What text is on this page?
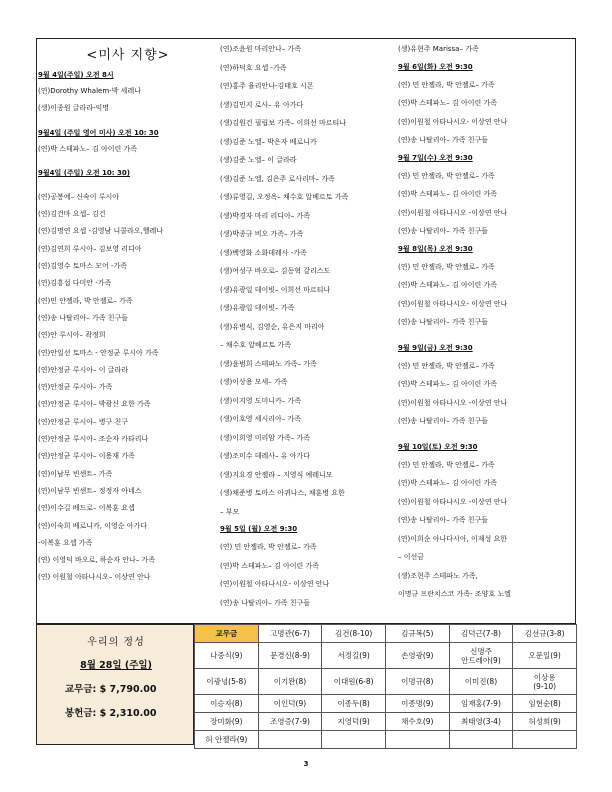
<미사 지향>
9월 4일(주일) 오전 8시
(연)Dorothy Whalem-박 세레나
(생)이종원 글라라-익명
9월4일 (주일 영어 미사) 오전 10: 30
(연)박 스테파노– 김 아이린 가족
9월4일 (주일) 오전 10: 30)
(연)공봉예– 신숙이 루시아
(연)김건마 요셉– 김건
(연)김명연 요셉 -김영남 니콜라오,헬레나
(연)김연희 루시아– 김보영 리디아
(연)김영수 토마스 모어 -가족
(연)김흥섭 다미안 -가족
(연)민 안젤라, 박 안젤로– 가족
(연)송 나탈리아– 가족 친구들
(연)안 루시아– 곽정희
(연)안일선 토마스 - 안정균 루시아 가족
(연)안정균 루시아– 이 글라라
(연)안정균 루시아– 가족
(연)안정균 루시아– 박광신 요한 가족
(연)안정균 루시아– 병구 친구
(연)안정균 루시아– 조순자 카타리나
(연)안정균 루시아– 이용재 가족
(연)이남무 빈센트– 가족
(연)이남무 빈센트– 정정자 아네스
(연)이수길 베드로– 이복훈 요셉
(연)이숙희 베로니카, 이영순 아가다
-이복훈 요셉 가족
(연) 이영덕 바오로, 하순자 안나– 가족
(연) 이원철 아타나시오– 이상연 안나
(연)조윤원 마리안나– 가족
(연)하덕호 요셉 -가족
(연)홍주 율리안나-김태호 시몬
(생)김민지 로사– 유 아가다
(생)김원건 필립보 가족– 이희선 마르티나
(생)김준 노엘– 박은자 베로니카
(생)김준 노엘– 이 글라라
(생)김준 노엘, 김은주 로사리마– 가족
(생)류영길, 오정옥– 채수호 알베르토 가족
(생)박경자 마리 리디아– 가족
(생)박종규 비오 가족– 가족
(생)백영화 소화데레사 -가족
(생)여성구 바오로– 김동혁 갈리스도
(생)유광일 데이빗– 이희선 마르티나
(생)유광일 데이빗– 가족
(생)유병식, 김영순, 유은지 마리아
– 채수호 알베르토 가족
(생)윤범희 스테파노 가족– 가족
(생)이상용 모세– 가족
(생)이지영 도미니카– 가족
(생)이호영 세시리아– 가족
(생)이희영 미리암 가족– 가족
(생)조미수 데레사– 유 아가다
(생)지요경 안젤라 – 지영식 예레니모
(생)채준병 토마스 아퀴나스, 채훈병 요한
– 부모
9월 5일 (월) 오전 9:30
(연) 민 안젤라, 박 안젤로– 가족
(연)박 스테파노– 김 아이린 가족
(연)이원철 아타나시오- 이상연 안나
(연)송 나탈리아– 가족 친구들
(생)유현주 Marissa– 가족
9월 6일(화) 오전 9:30
(연) 민 안젤라, 박 안젤로– 가족
(연)박 스테파노– 김 아이린 가족
(연)이원철 아타나시오- 이상연 안나
(연)송 나탈리아– 가족 친구들
9월 7일(수) 오전 9:30
(연) 민 안젤라, 박 안젤로– 가족
(연)박 스테파노– 김 아이린 가족
(연)이원철 아타나시오 -이상연 안나
(연)송 나탈리아– 가족 친구들
9월 8일(목) 오전 9:30
(연) 민 안젤라, 박 안젤로– 가족
(연)박 스테파노– 김 아이린 가족
(연)이원철 아타나시오- 이상연 안나
(연)송 나탈리아– 가족 친구들
9월 9일(금) 오전 9:30
(연) 민 안젤라, 박 안젤로– 가족
(연)박 스테파노– 김 아이린 가족
(연)이원철 아타나시오 -이상연 안나
(연)송 나탈리아– 가족 친구들
9월 10일(토) 오전 9:30
(연) 민 안젤라, 박 안젤로– 가족
(연)박 스테파노– 김 아이린 가족
(연)이원철 아타나시오 -이상연 안나
(연)송 나탈리아– 가족 친구들
(연)이희순 아나다시아, 이재성 요한
– 이선금
(생)조현주 스테파노 가족,
이명규 프란치스코 가족- 조양호 노엘
우리의 정성
8월 28일 (주일)
교무금: $ 7,790.00
봉헌금: $ 2,310.00
교무금	고명관(6-7)	김건(8-10)	김규복(5)	김덕근(7-8)	김선규(3-8)
나중식(9)	문경신(8-9)	서정길(9)	손영광(9)	신명주
안드레아(9)	오문일(9)
이광녕(5-8)	이기완(8)	이대원(6-8)	이명규(8)	이미진(8)	이상용
(9-10)
이승자(8)	이인덕(9)	이종두(8)	이종명(9)	임재홍(7-9)	임현순(8)
장미화(9)	조영증(7-9)	지영덕(9)	채수호(9)	최태영(3-4)	허성희(9)
허 안젤라(9)					
3
